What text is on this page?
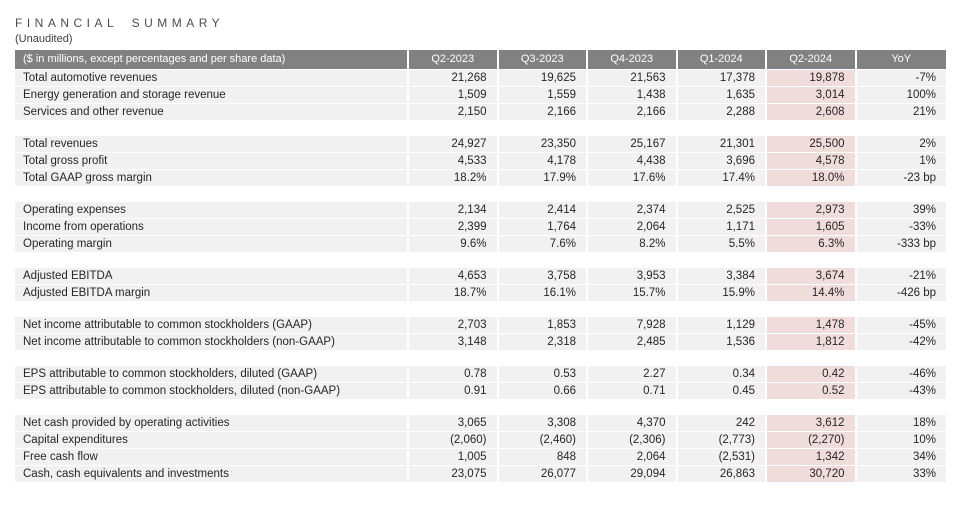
FINANCIAL SUMMARY
(Unaudited)
($ in millions, except percentages and per share data)	Q2-2023	Q3-2023	Q4-2023	Q1-2024	Q2-2024	YoY
Total automotive revenues	21,268	19,625	21,563	17,378	19,878	-7%
Energy generation and storage revenue	1,509	1,559	1,438	1,635	3,014	100%
Services and other revenue	2,150	2,166	2,166	2,288	2,608	21%
Total revenues	24,927	23,350	25,167	21,301	25,500	2%
Total gross profit	4,533	4,178	4,438	3,696	4,578	1%
Total GAAP gross margin	18.2%	17.9%	17.6%	17.4%	18.0%	-23 bp
Operating expenses	2,134	2,414	2,374	2,525	2,973	39%
Income from operations	2,399	1,764	2,064	1,171	1,605	-33%
Operating margin	9.6%	7.6%	8.2%	5.5%	6.3%	-333 bp
Adjusted EBITDA	4,653	3,758	3,953	3,384	3,674	-21%
Adjusted EBITDA margin	18.7%	16.1%	15.7%	15.9%	14.4%	-426 bp
Net income attributable to common stockholders (GAAP)	2,703	1,853	7,928	1,129	1,478	-45%
Net income attributable to common stockholders (non-GAAP)	3,148	2,318	2,485	1,536	1,812	-42%
EPS attributable to common stockholders, diluted (GAAP)	0.78	0.53	2.27	0.34	0.42	-46%
EPS attributable to common stockholders, diluted (non-GAAP)	0.91	0.66	0.71	0.45	0.52	-43%
Net cash provided by operating activities	3,065	3,308	4,370	242	3,612	18%
Capital expenditures	(2,060)	(2,460)	(2,306)	(2,773)	(2,270)	10%
Free cash flow	1,005	848	2,064	(2,531)	1,342	34%
Cash, cash equivalents and investments	23,075	26,077	29,094	26,863	30,720	33%
